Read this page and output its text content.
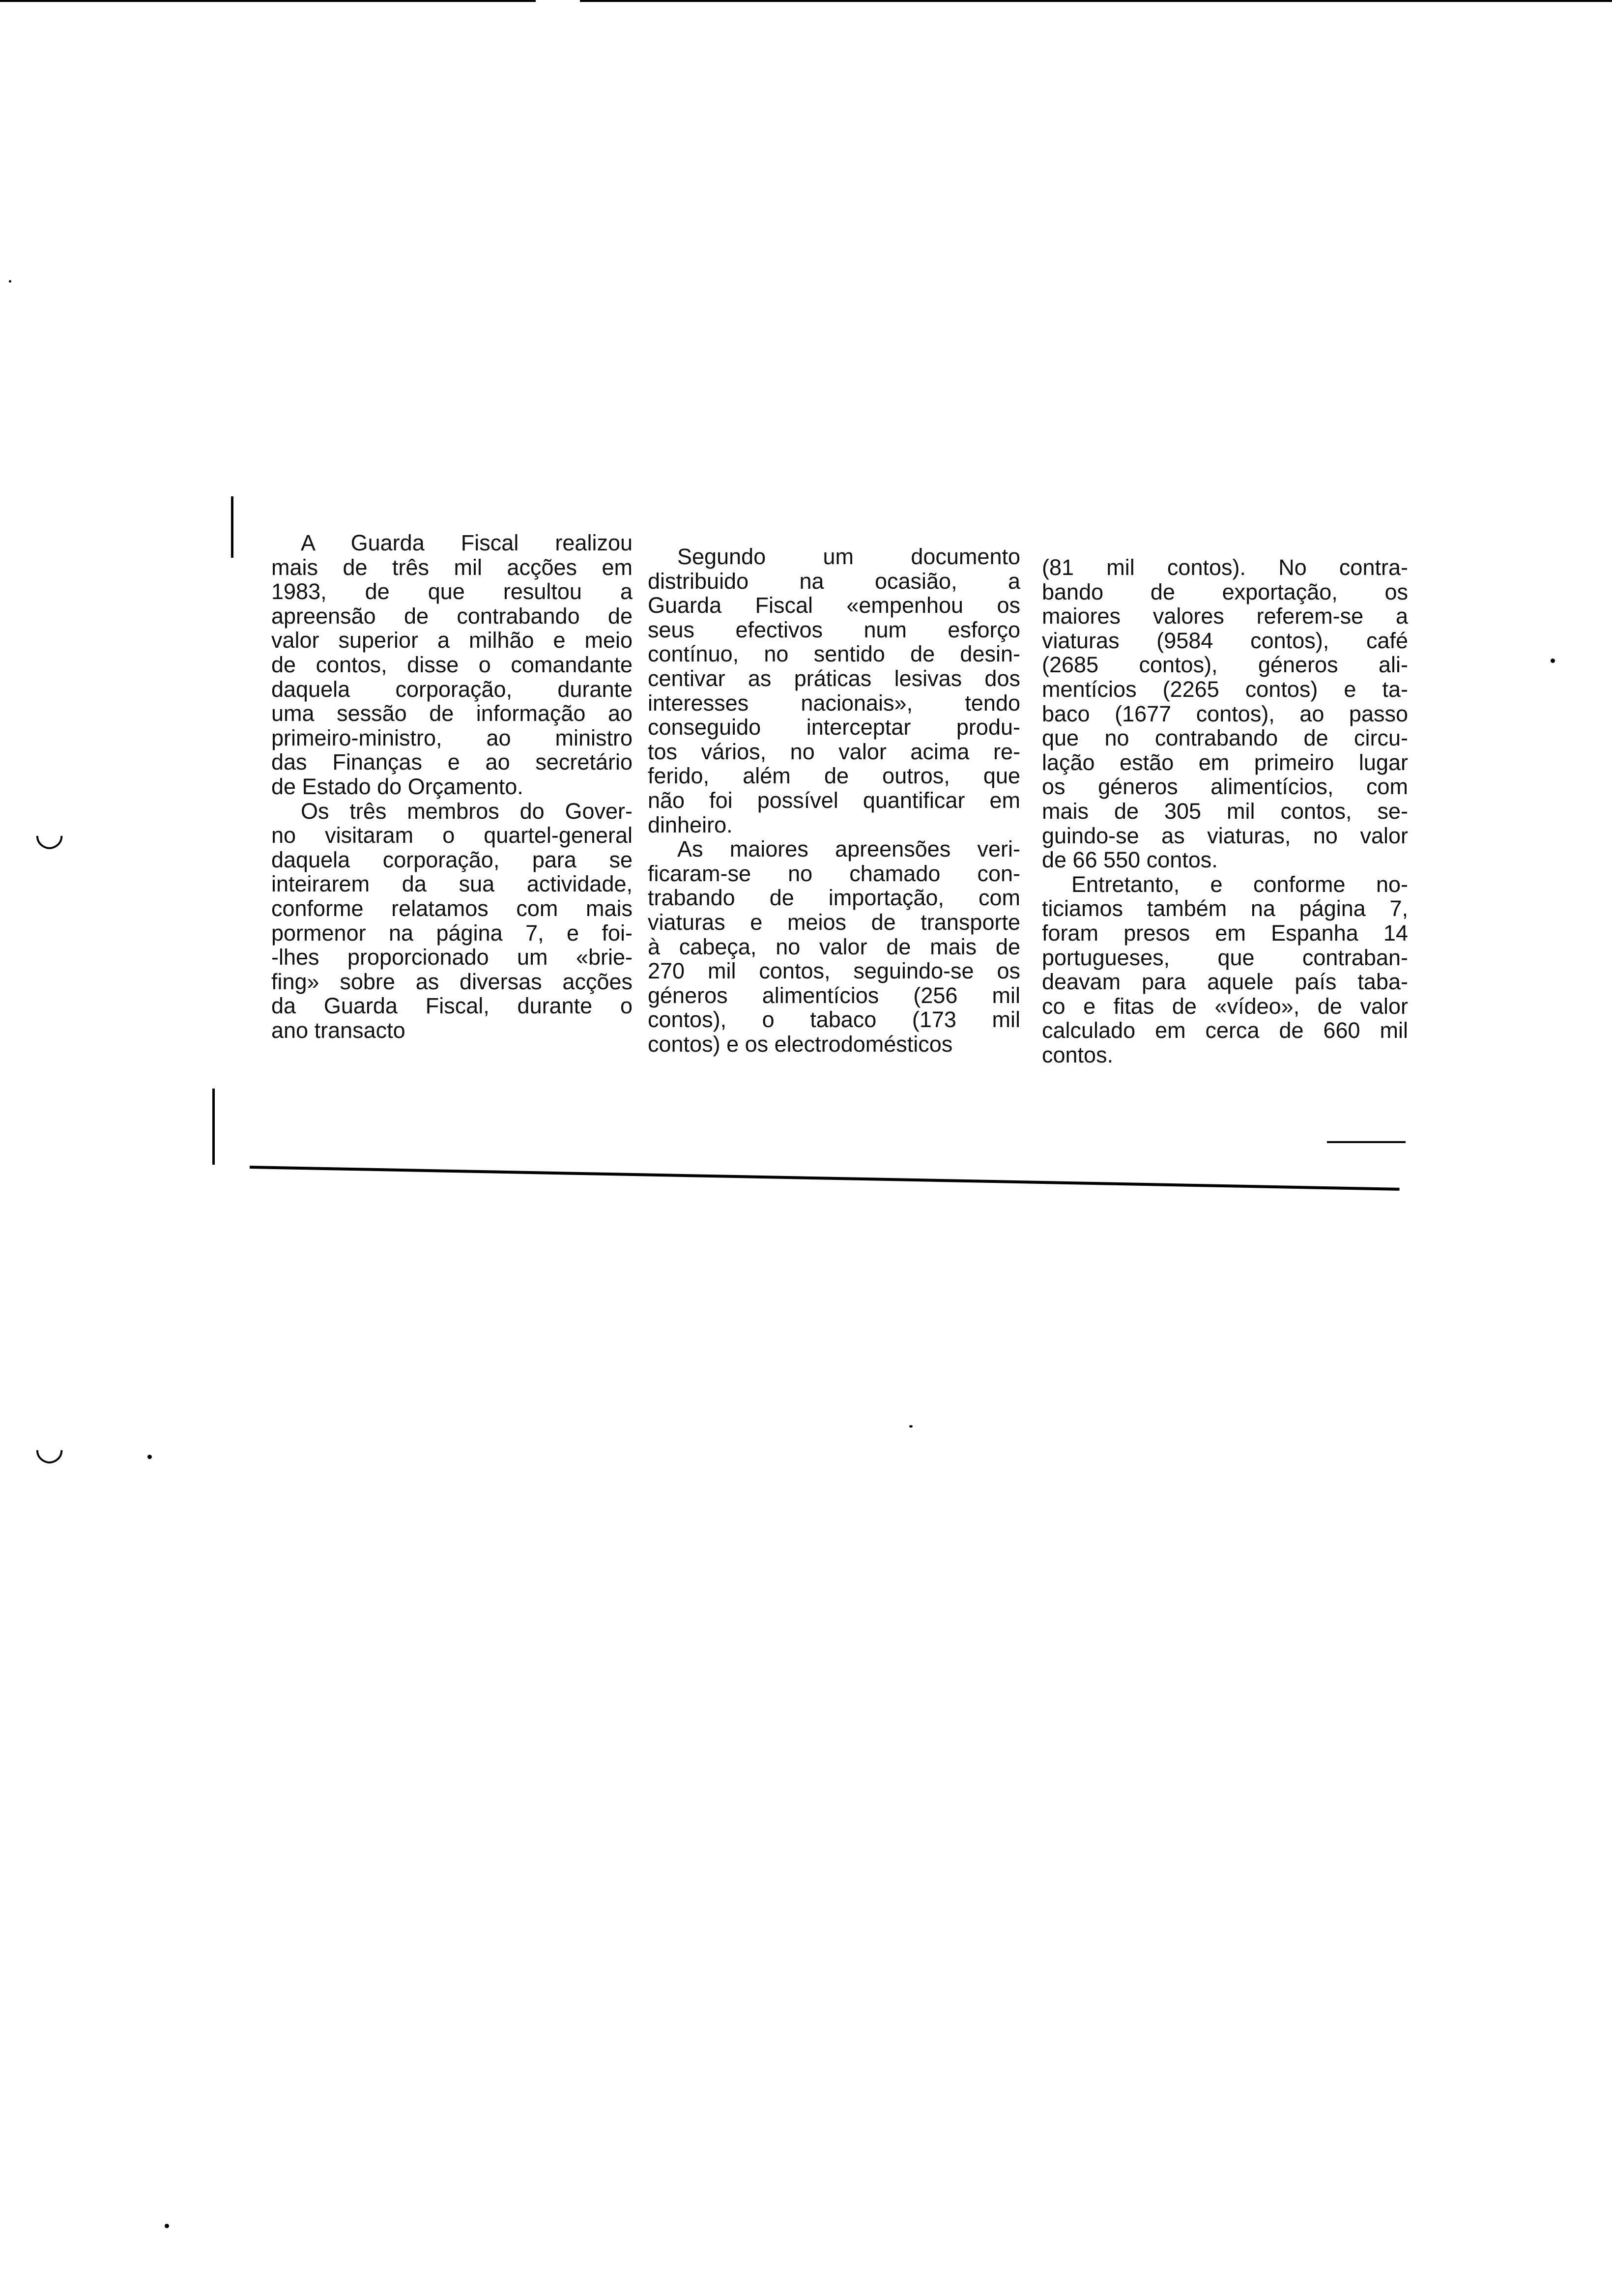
A Guarda Fiscal realizou
mais de três mil acções em
1983, de que resultou a
apreensão de contrabando de
valor superior a milhão e meio
de contos, disse o comandante
daquela corporação, durante
uma sessão de informação ao
primeiro-ministro, ao ministro
das Finanças e ao secretário
de Estado do Orçamento.
Os três membros do Gover-
no visitaram o quartel-general
daquela corporação, para se
inteirarem da sua actividade,
conforme relatamos com mais
pormenor na página 7, e foi-
-lhes proporcionado um «brie-
fing» sobre as diversas acções
da Guarda Fiscal, durante o
ano transacto
Segundo um documento
distribuido na ocasião, a
Guarda Fiscal «empenhou os
seus efectivos num esforço
contínuo, no sentido de desin-
centivar as práticas lesivas dos
interesses nacionais», tendo
conseguido interceptar produ-
tos vários, no valor acima re-
ferido, além de outros, que
não foi possível quantificar em
dinheiro.
As maiores apreensões veri-
ficaram-se no chamado con-
trabando de importação, com
viaturas e meios de transporte
à cabeça, no valor de mais de
270 mil contos, seguindo-se os
géneros alimentícios (256 mil
contos), o tabaco (173 mil
contos) e os electrodomésticos
(81 mil contos). No contra-
bando de exportação, os
maiores valores referem-se a
viaturas (9584 contos), café
(2685 contos), géneros ali-
mentícios (2265 contos) e ta-
baco (1677 contos), ao passo
que no contrabando de circu-
lação estão em primeiro lugar
os géneros alimentícios, com
mais de 305 mil contos, se-
guindo-se as viaturas, no valor
de 66 550 contos.
Entretanto, e conforme no-
ticiamos também na página 7,
foram presos em Espanha 14
portugueses, que contraban-
deavam para aquele país taba-
co e fitas de «vídeo», de valor
calculado em cerca de 660 mil
contos.
◡
◡
